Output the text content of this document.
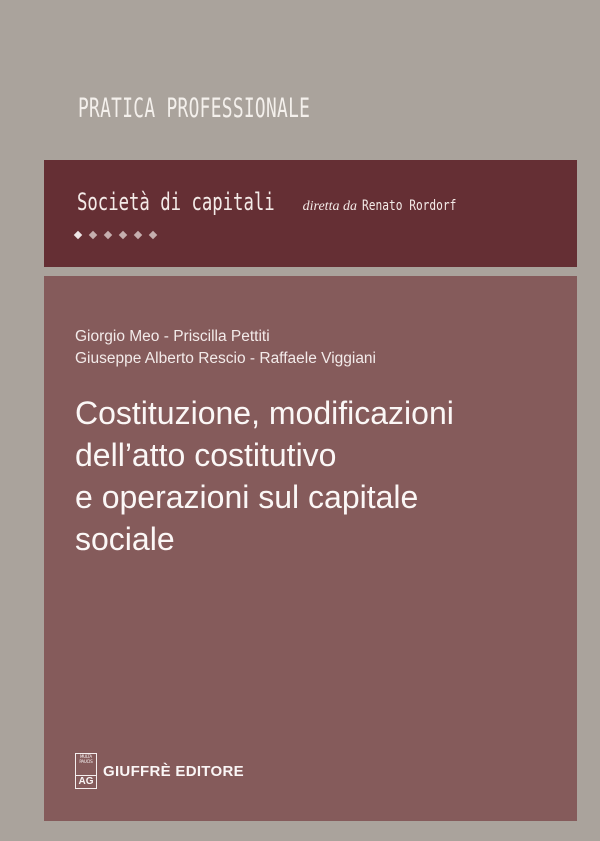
PRATICA PROFESSIONALE
Società di capitali diretta da Renato Rordorf
Giorgio Meo - Priscilla Pettiti
Giuseppe Alberto Rescio - Raffaele Viggiani
Costituzione, modificazioni
dell’atto costitutivo
e operazioni sul capitale
sociale
MULTA
PAUCIS
AG
GIUFFRÈ EDITORE
